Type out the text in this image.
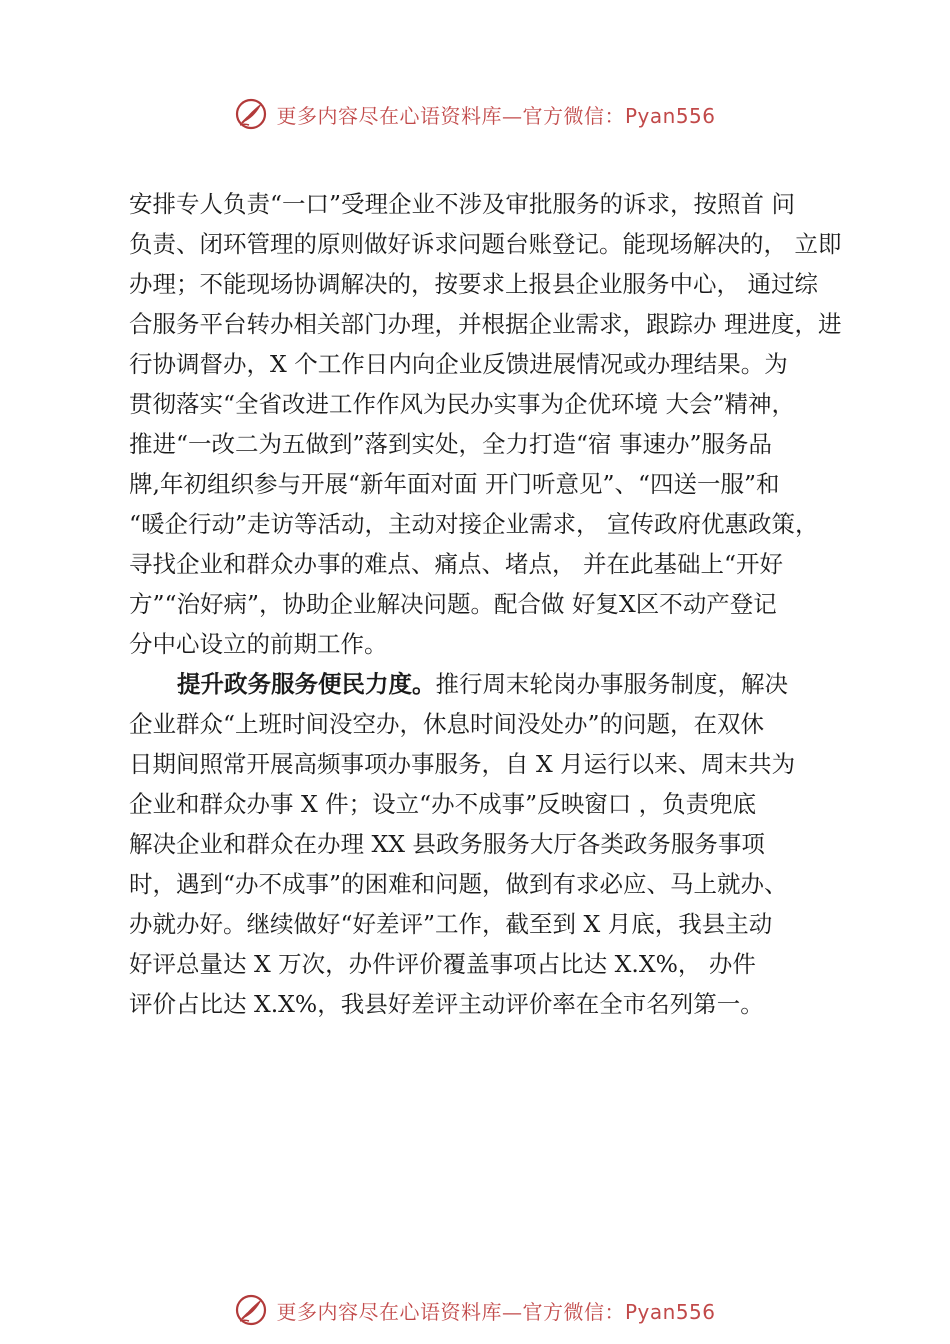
更多内容尽在心语资料库—官方微信：Pyan556
安排专人负责“一口”受理企业不涉及审批服务的诉求，按照首 问
负责、闭环管理的原则做好诉求问题台账登记。能现场解决的， 立即
办理；不能现场协调解决的，按要求上报县企业服务中心， 通过综
合服务平台转办相关部门办理，并根据企业需求，跟踪办 理进度，进
行协调督办，X 个工作日内向企业反馈进展情况或办理结果。为
贯彻落实“全省改进工作作风为民办实事为企优环境 大会”精神，
推进“一改二为五做到”落到实处，全力打造“宿 事速办”服务品
牌,年初组织参与开展“新年面对面 开门听意见”、“四送一服”和
“暖企行动”走访等活动，主动对接企业需求， 宣传政府优惠政策，
寻找企业和群众办事的难点、痛点、堵点， 并在此基础上“开好
方”“治好病”，协助企业解决问题。配合做 好复X区不动产登记
分中心设立的前期工作。
提升政务服务便民力度。推行周末轮岗办事服务制度，解决
企业群众“上班时间没空办，休息时间没处办”的问题，在双休
日期间照常开展高频事项办事服务，自 X 月运行以来、周末共为
企业和群众办事 X 件；设立“办不成事”反映窗口 ，负责兜底
解决企业和群众在办理 XX 县政务服务大厅各类政务服务事项
时，遇到“办不成事”的困难和问题，做到有求必应、马上就办、
办就办好。继续做好“好差评”工作，截至到 X 月底，我县主动
好评总量达 X 万次，办件评价覆盖事项占比达 X.X%， 办件
评价占比达 X.X%，我县好差评主动评价率在全市名列第一。
更多内容尽在心语资料库—官方微信：Pyan556
